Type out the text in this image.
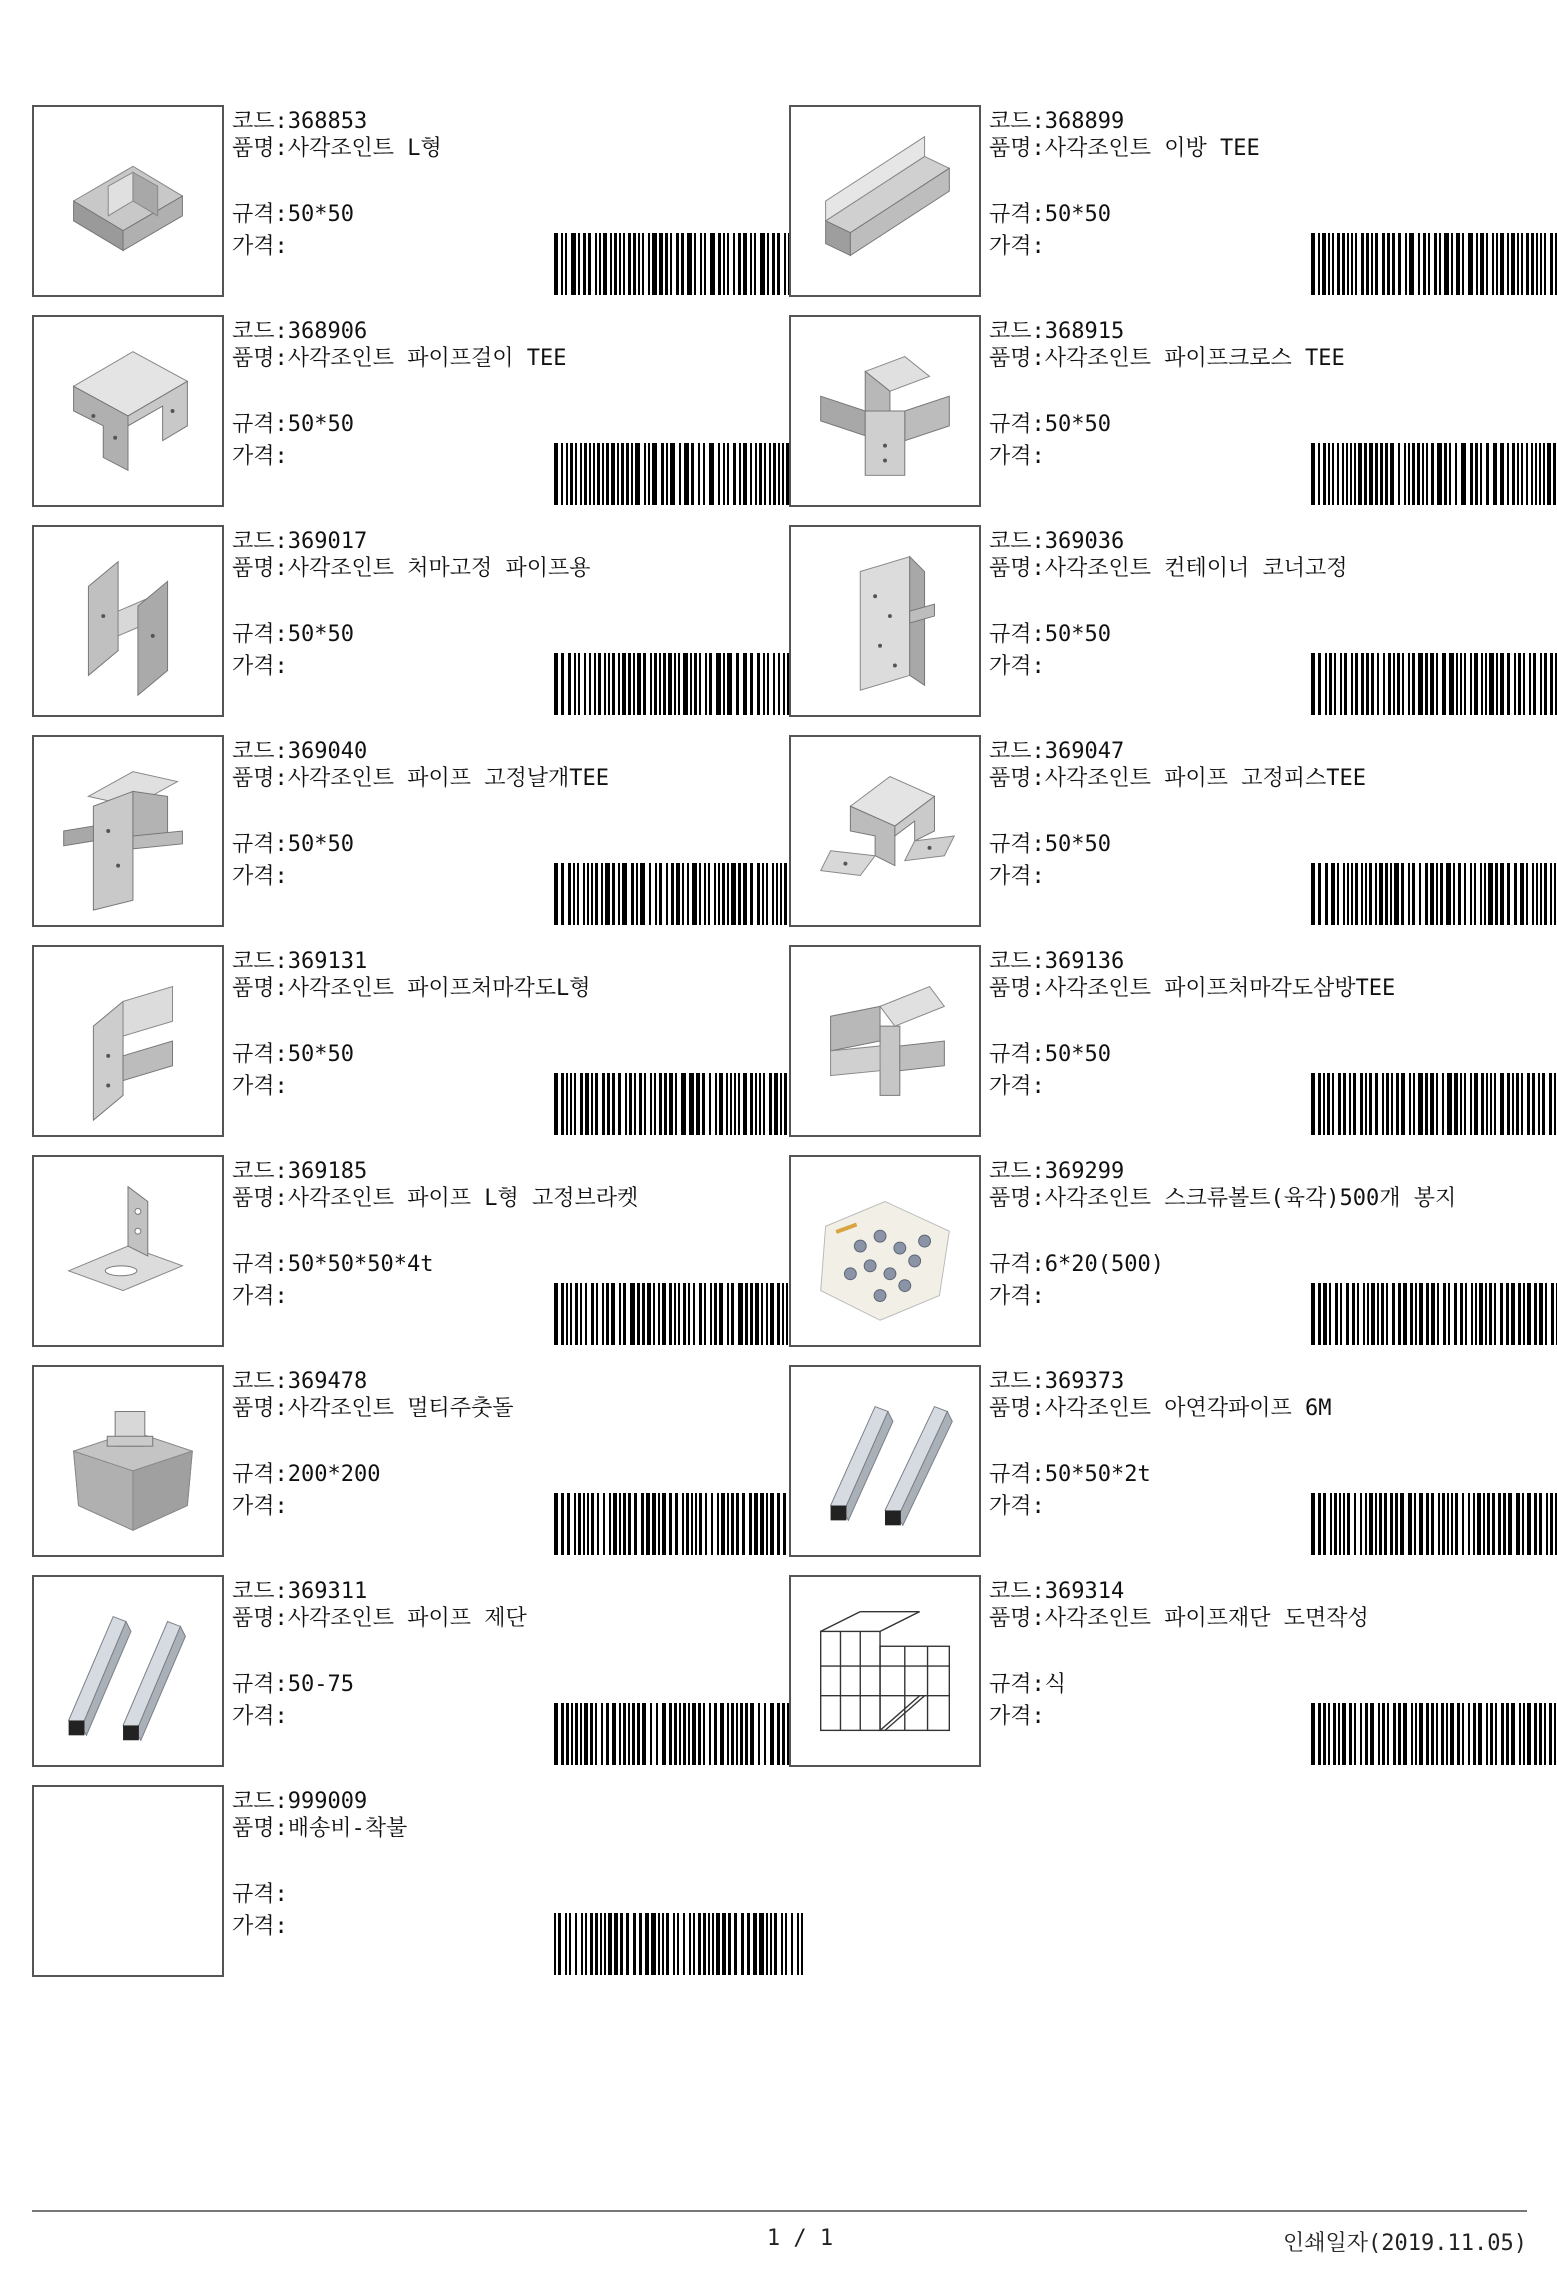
코드:368853
품명:사각조인트 L형
규격:50*50
가격:
코드:368899
품명:사각조인트 이방 TEE
규격:50*50
가격:
코드:368906
품명:사각조인트 파이프걸이 TEE
규격:50*50
가격:
코드:368915
품명:사각조인트 파이프크로스 TEE
규격:50*50
가격:
코드:369017
품명:사각조인트 처마고정 파이프용
규격:50*50
가격:
코드:369036
품명:사각조인트 컨테이너 코너고정
규격:50*50
가격:
코드:369040
품명:사각조인트 파이프 고정날개TEE
규격:50*50
가격:
코드:369047
품명:사각조인트 파이프 고정피스TEE
규격:50*50
가격:
코드:369131
품명:사각조인트 파이프처마각도L형
규격:50*50
가격:
코드:369136
품명:사각조인트 파이프처마각도삼방TEE
규격:50*50
가격:
코드:369185
품명:사각조인트 파이프 L형 고정브라켓
규격:50*50*50*4t
가격:
코드:369299
품명:사각조인트 스크류볼트(육각)500개 봉지
규격:6*20(500)
가격:
코드:369478
품명:사각조인트 멀티주춧돌
규격:200*200
가격:
코드:369373
품명:사각조인트 아연각파이프 6M
규격:50*50*2t
가격:
코드:369311
품명:사각조인트 파이프 제단
규격:50-75
가격:
코드:369314
품명:사각조인트 파이프재단 도면작성
규격:식
가격:
코드:999009
품명:배송비-착불
규격:
가격:
1 / 1	인쇄일자(2019.11.05)
